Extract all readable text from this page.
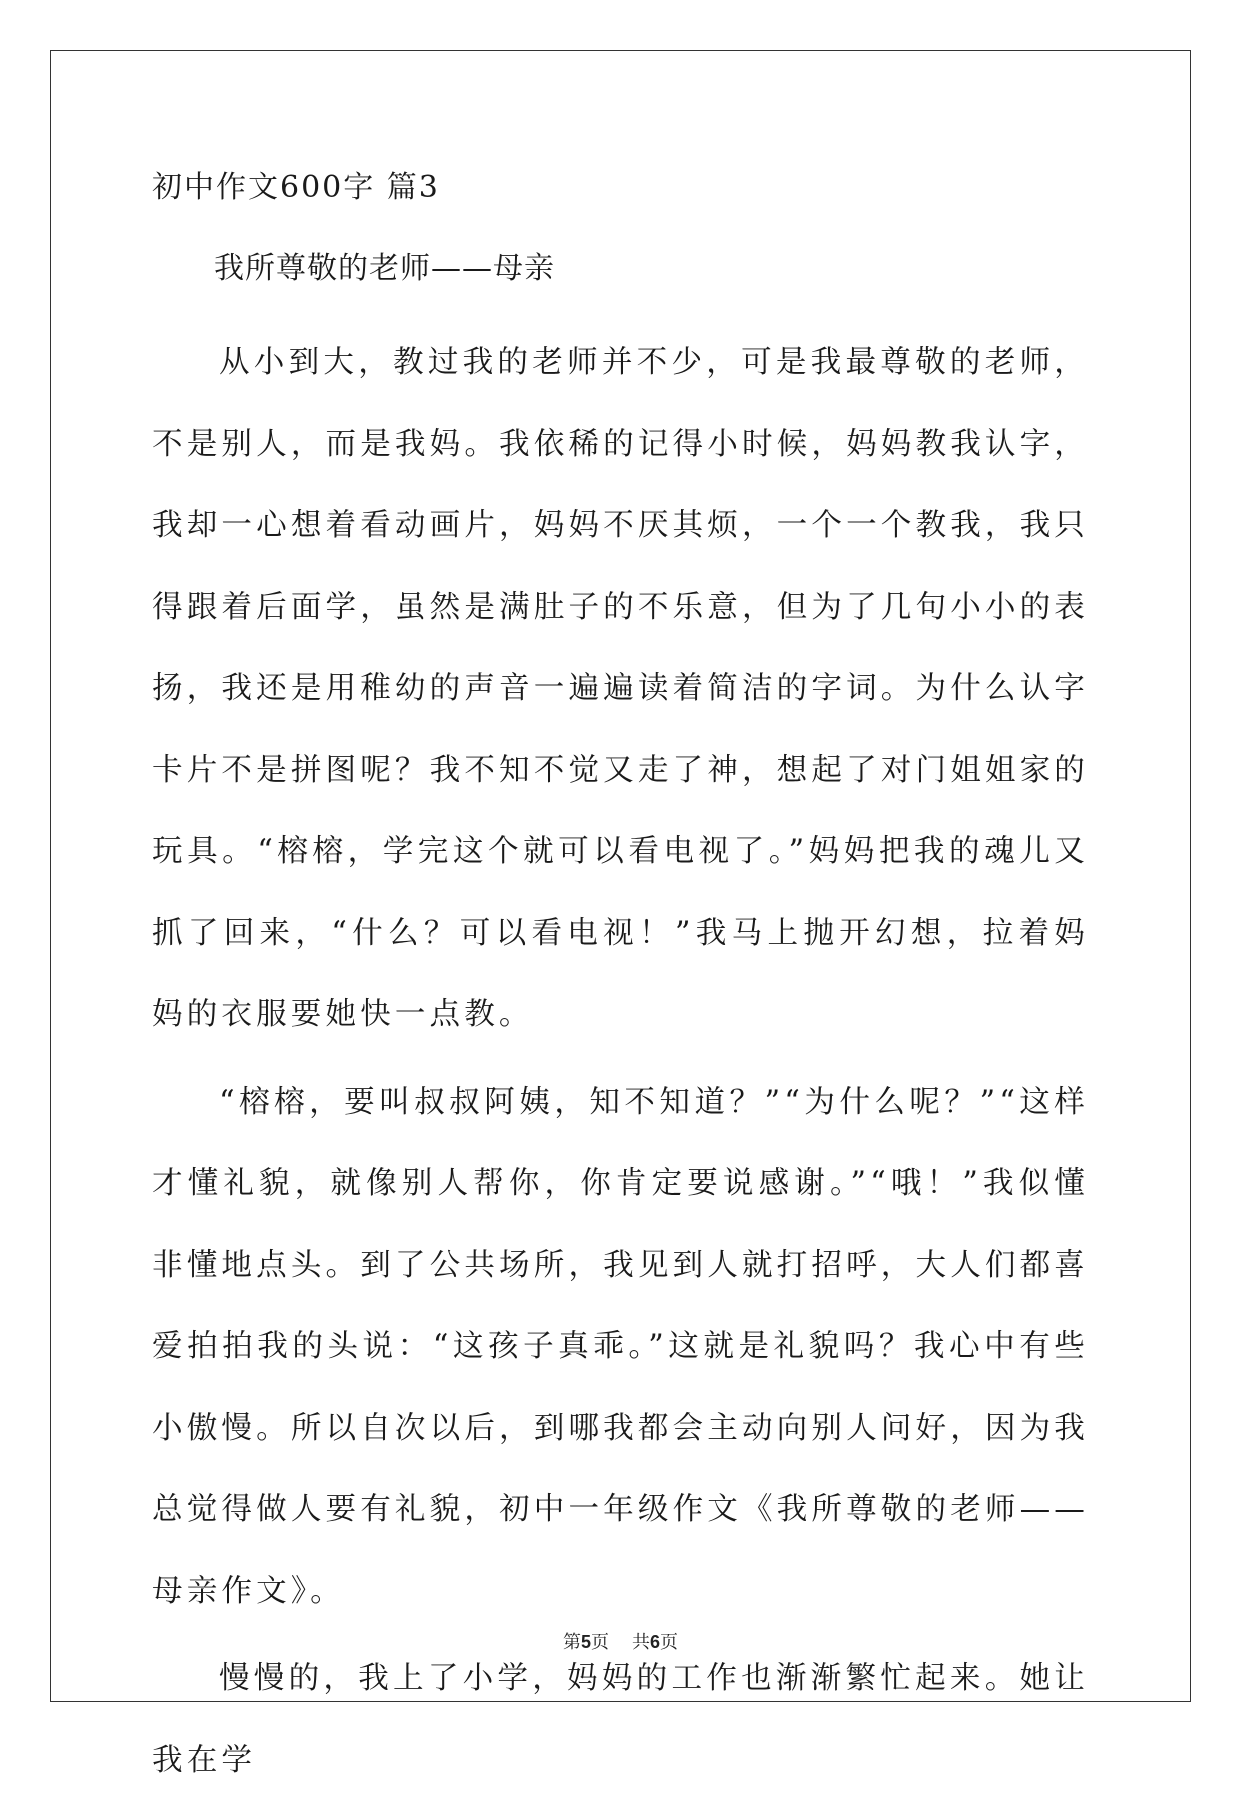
初中作文600字 篇3
我所尊敬的老师——母亲

从小到大，教过我的老师并不少，可是我最尊敬的老师，不是别人，而是我妈。我依稀的记得小时候，妈妈教我认字，我却一心想着看动画片，妈妈不厌其烦，一个一个教我，我只得跟着后面学，虽然是满肚子的不乐意，但为了几句小小的表扬，我还是用稚幼的声音一遍遍读着简洁的字词。为什么认字卡片不是拼图呢？我不知不觉又走了神，想起了对门姐姐家的玩具。“榕榕，学完这个就可以看电视了。”妈妈把我的魂儿又抓了回来，“什么？可以看电视！”我马上抛开幻想，拉着妈妈的衣服要她快一点教。

“榕榕，要叫叔叔阿姨，知不知道？”“为什么呢？”“这样才懂礼貌，就像别人帮你，你肯定要说感谢。”“哦！”我似懂非懂地点头。到了公共场所，我见到人就打招呼，大人们都喜爱拍拍我的头说：“这孩子真乖。”这就是礼貌吗？我心中有些小傲慢。所以自次以后，到哪我都会主动向别人问好，因为我总觉得做人要有礼貌，初中一年级作文《我所尊敬的老师——母亲作文》。

慢慢的，我上了小学，妈妈的工作也渐渐繁忙起来。她让我在学

第5页 共6页
